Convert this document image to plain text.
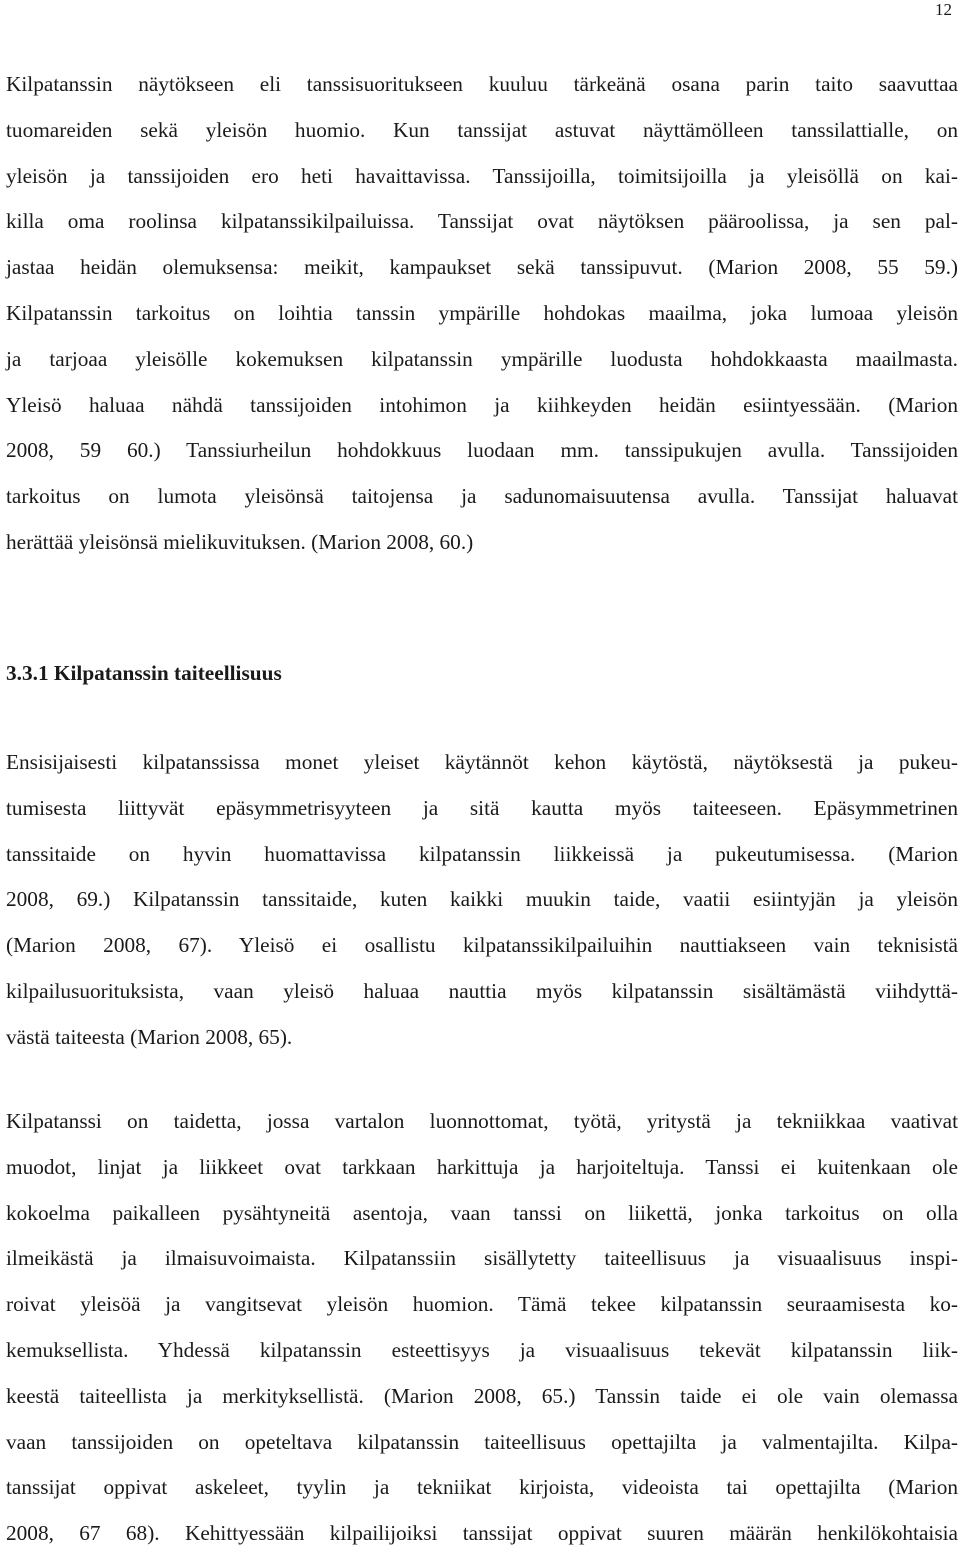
12
Kilpatanssin näytökseen eli tanssisuoritukseen kuuluu tärkeänä osana parin taito saavuttaa
tuomareiden sekä yleisön huomio. Kun tanssijat astuvat näyttämölleen tanssilattialle, on
yleisön ja tanssijoiden ero heti havaittavissa. Tanssijoilla, toimitsijoilla ja yleisöllä on kai-
killa oma roolinsa kilpatanssikilpailuissa. Tanssijat ovat näytöksen pääroolissa, ja sen pal-
jastaa heidän olemuksensa: meikit, kampaukset sekä tanssipuvut. (Marion 2008, 55 59.)
Kilpatanssin tarkoitus on loihtia tanssin ympärille hohdokas maailma, joka lumoaa yleisön
ja tarjoaa yleisölle kokemuksen kilpatanssin ympärille luodusta hohdokkaasta maailmasta.
Yleisö haluaa nähdä tanssijoiden intohimon ja kiihkeyden heidän esiintyessään. (Marion
2008, 59 60.) Tanssiurheilun hohdokkuus luodaan mm. tanssipukujen avulla. Tanssijoiden
tarkoitus on lumota yleisönsä taitojensa ja sadunomaisuutensa avulla. Tanssijat haluavat
herättää yleisönsä mielikuvituksen. (Marion 2008, 60.)
3.3.1 Kilpatanssin taiteellisuus
Ensisijaisesti kilpatanssissa monet yleiset käytännöt kehon käytöstä, näytöksestä ja pukeu-
tumisesta liittyvät epäsymmetrisyyteen ja sitä kautta myös taiteeseen. Epäsymmetrinen
tanssitaide on hyvin huomattavissa kilpatanssin liikkeissä ja pukeutumisessa. (Marion
2008, 69.) Kilpatanssin tanssitaide, kuten kaikki muukin taide, vaatii esiintyjän ja yleisön
(Marion 2008, 67). Yleisö ei osallistu kilpatanssikilpailuihin nauttiakseen vain teknisistä
kilpailusuorituksista, vaan yleisö haluaa nauttia myös kilpatanssin sisältämästä viihdyttä-
västä taiteesta (Marion 2008, 65).
Kilpatanssi on taidetta, jossa vartalon luonnottomat, työtä, yritystä ja tekniikkaa vaativat
muodot, linjat ja liikkeet ovat tarkkaan harkittuja ja harjoiteltuja. Tanssi ei kuitenkaan ole
kokoelma paikalleen pysähtyneitä asentoja, vaan tanssi on liikettä, jonka tarkoitus on olla
ilmeikästä ja ilmaisuvoimaista. Kilpatanssiin sisällytetty taiteellisuus ja visuaalisuus inspi-
roivat yleisöä ja vangitsevat yleisön huomion. Tämä tekee kilpatanssin seuraamisesta ko-
kemuksellista. Yhdessä kilpatanssin esteettisyys ja visuaalisuus tekevät kilpatanssin liik-
keestä taiteellista ja merkityksellistä. (Marion 2008, 65.) Tanssin taide ei ole vain olemassa
vaan tanssijoiden on opeteltava kilpatanssin taiteellisuus opettajilta ja valmentajilta. Kilpa-
tanssijat oppivat askeleet, tyylin ja tekniikat kirjoista, videoista tai opettajilta (Marion
2008, 67 68). Kehittyessään kilpailijoiksi tanssijat oppivat suuren määrän henkilökohtaisia
